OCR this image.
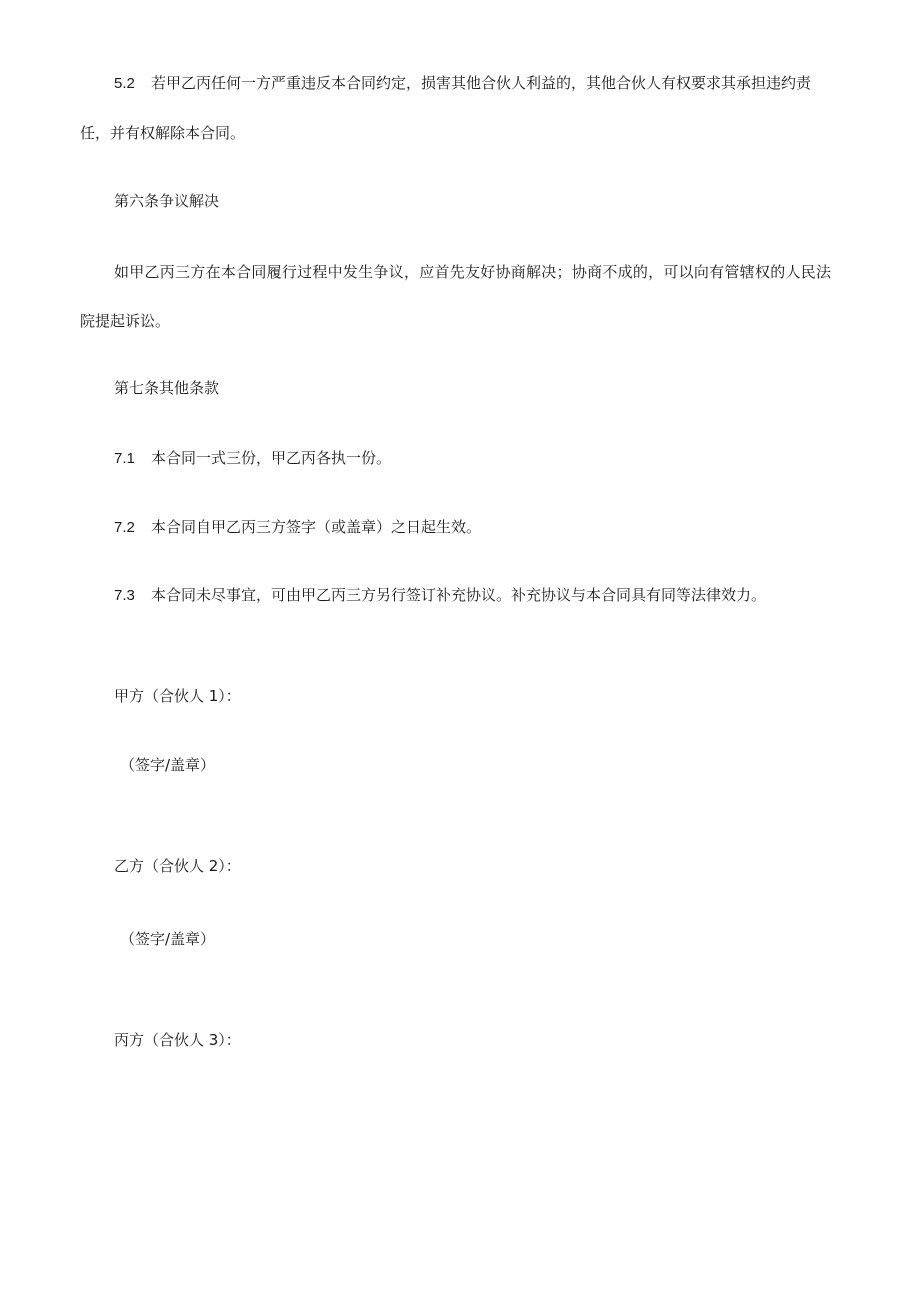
5.2 若甲乙丙任何一方严重违反本合同约定，损害其他合伙人利益的，其他合伙人有权要求其承担违约责

任，并有权解除本合同。

第六条争议解决

如甲乙丙三方在本合同履行过程中发生争议，应首先友好协商解决；协商不成的，可以向有管辖权的人民法

院提起诉讼。

第七条其他条款

7.1 本合同一式三份，甲乙丙各执一份。

7.2 本合同自甲乙丙三方签字（或盖章）之日起生效。

7.3 本合同未尽事宜，可由甲乙丙三方另行签订补充协议。补充协议与本合同具有同等法律效力。

甲方（合伙人 1）：

（签字/盖章）

乙方（合伙人 2）：

（签字/盖章）

丙方（合伙人 3）：
